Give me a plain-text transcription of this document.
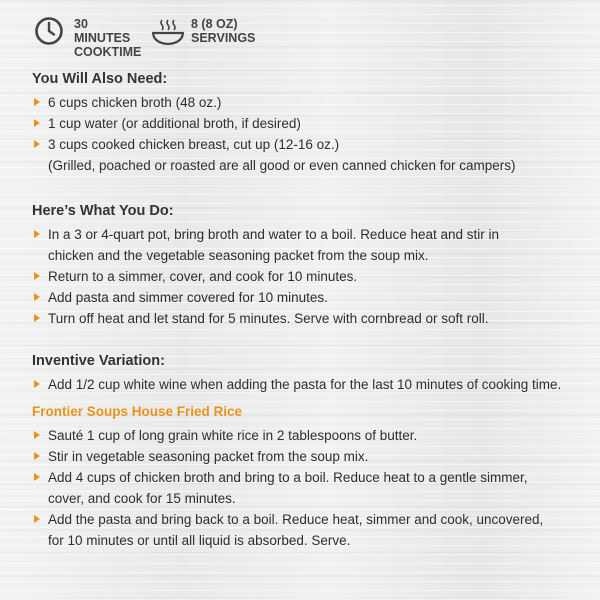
30 MINUTES
COOKTIME
8 (8 OZ)
SERVINGS
You Will Also Need:
6 cups chicken broth (48 oz.)
1 cup water (or additional broth, if desired)
3 cups cooked chicken breast, cut up (12-16 oz.)
(Grilled, poached or roasted are all good or even canned chicken for campers)
Here’s What You Do:
In a 3 or 4-quart pot, bring broth and water to a boil. Reduce heat and stir in
chicken and the vegetable seasoning packet from the soup mix.
Return to a simmer, cover, and cook for 10 minutes.
Add pasta and simmer covered for 10 minutes.
Turn off heat and let stand for 5 minutes. Serve with cornbread or soft roll.
Inventive Variation:
Add 1/2 cup white wine when adding the pasta for the last 10 minutes of cooking time.
Frontier Soups House Fried Rice
Sauté 1 cup of long grain white rice in 2 tablespoons of butter.
Stir in vegetable seasoning packet from the soup mix.
Add 4 cups of chicken broth and bring to a boil. Reduce heat to a gentle simmer,
cover, and cook for 15 minutes.
Add the pasta and bring back to a boil. Reduce heat, simmer and cook, uncovered,
for 10 minutes or until all liquid is absorbed. Serve.
